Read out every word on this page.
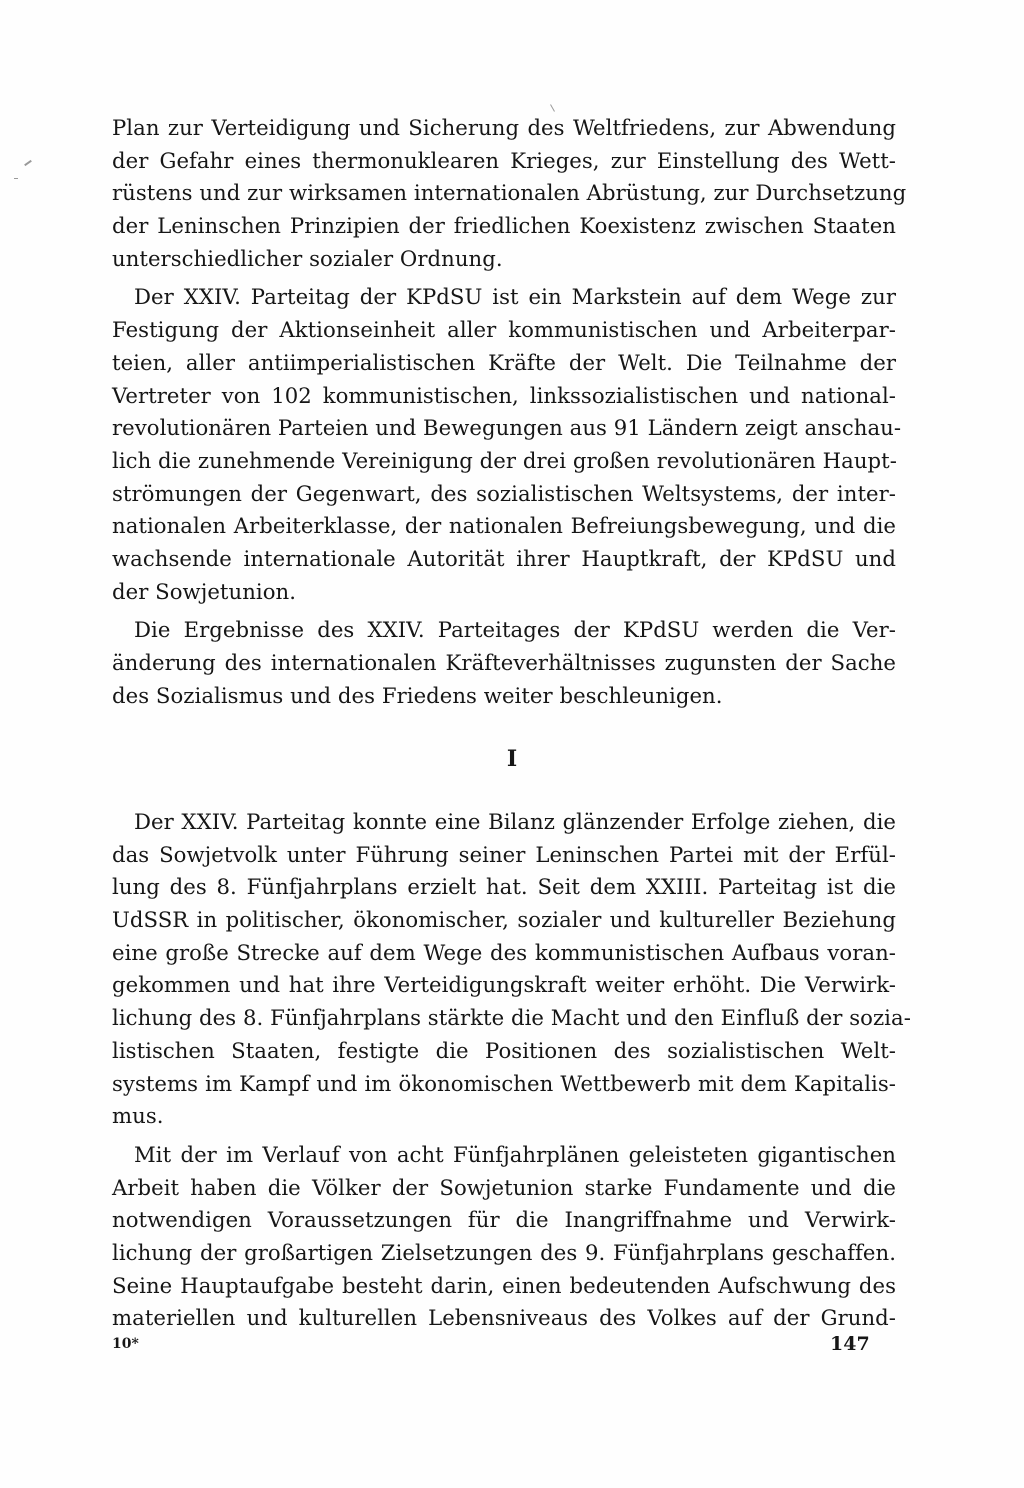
Plan zur Verteidigung und Sicherung des Weltfriedens, zur Abwendung
der Gefahr eines thermonuklearen Krieges, zur Einstellung des Wett-
rüstens und zur wirksamen internationalen Abrüstung, zur Durchsetzung
der Leninschen Prinzipien der friedlichen Koexistenz zwischen Staaten
unterschiedlicher sozialer Ordnung.
Der XXIV. Parteitag der KPdSU ist ein Markstein auf dem Wege zur
Festigung der Aktionseinheit aller kommunistischen und Arbeiterpar-
teien, aller antiimperialistischen Kräfte der Welt. Die Teilnahme der
Vertreter von 102 kommunistischen, linkssozialistischen und national-
revolutionären Parteien und Bewegungen aus 91 Ländern zeigt anschau-
lich die zunehmende Vereinigung der drei großen revolutionären Haupt-
strömungen der Gegenwart, des sozialistischen Weltsystems, der inter-
nationalen Arbeiterklasse, der nationalen Befreiungsbewegung, und die
wachsende internationale Autorität ihrer Hauptkraft, der KPdSU und
der Sowjetunion.
Die Ergebnisse des XXIV. Parteitages der KPdSU werden die Ver-
änderung des internationalen Kräfteverhältnisses zugunsten der Sache
des Sozialismus und des Friedens weiter beschleunigen.
I
Der XXIV. Parteitag konnte eine Bilanz glänzender Erfolge ziehen, die
das Sowjetvolk unter Führung seiner Leninschen Partei mit der Erfül-
lung des 8. Fünfjahrplans erzielt hat. Seit dem XXIII. Parteitag ist die
UdSSR in politischer, ökonomischer, sozialer und kultureller Beziehung
eine große Strecke auf dem Wege des kommunistischen Aufbaus voran-
gekommen und hat ihre Verteidigungskraft weiter erhöht. Die Verwirk-
lichung des 8. Fünfjahrplans stärkte die Macht und den Einfluß der sozia-
listischen Staaten, festigte die Positionen des sozialistischen Welt-
systems im Kampf und im ökonomischen Wettbewerb mit dem Kapitalis-
mus.
Mit der im Verlauf von acht Fünfjahrplänen geleisteten gigantischen
Arbeit haben die Völker der Sowjetunion starke Fundamente und die
notwendigen Voraussetzungen für die Inangriffnahme und Verwirk-
lichung der großartigen Zielsetzungen des 9. Fünfjahrplans geschaffen.
Seine Hauptaufgabe besteht darin, einen bedeutenden Aufschwung des
materiellen und kulturellen Lebensniveaus des Volkes auf der Grund-
10*	147
